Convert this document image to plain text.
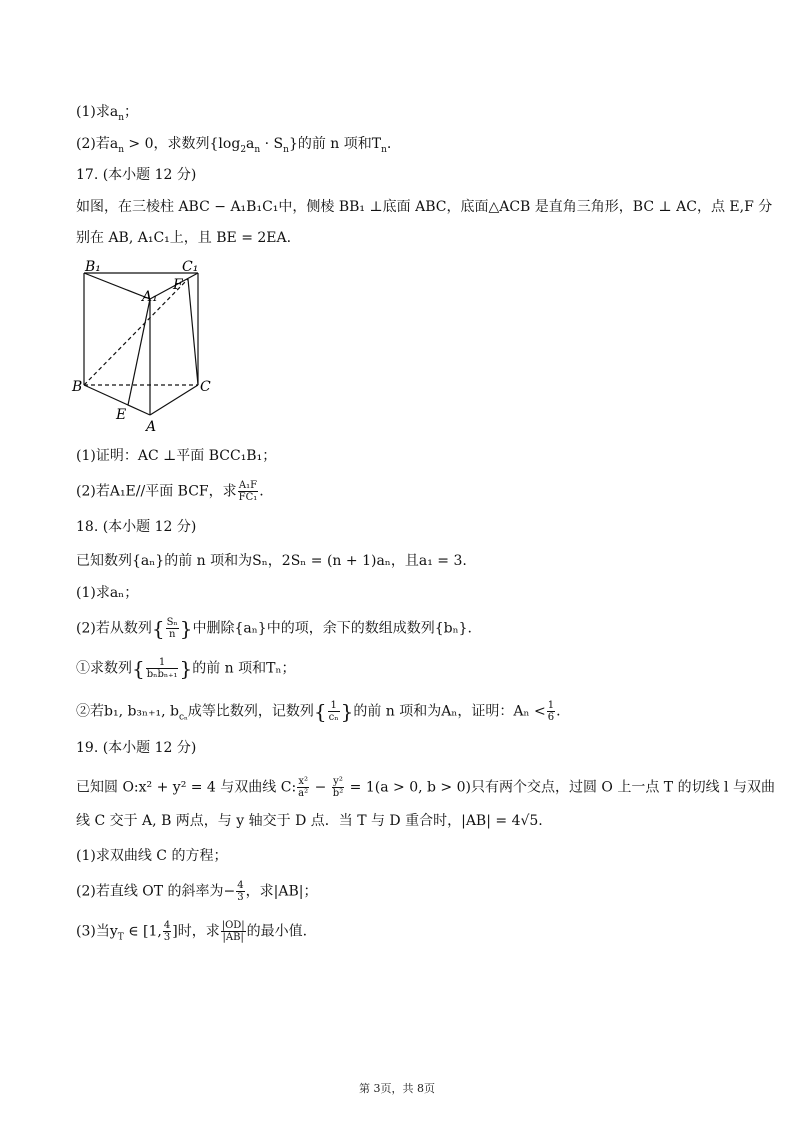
(1)求$a_n$；
(2)若$a_n > 0$，求数列$\{\log_2a_n \cdot S_n\}$的前 n 项和$T_n$.
17. (本小题 12 分)
如图，在三棱柱 ABC − A₁B₁C₁中，侧棱 BB₁ ⊥底面 ABC，底面△ACB 是直角三角形，BC ⊥ AC，点 E,F 分
别在 AB, A₁C₁上，且 BE = 2EA.
B₁	C₁
A₁
F
B	C
E
A
(1)证明：AC ⊥平面 BCC₁B₁；
(2)若A₁E//平面 BCF，求 $\frac{\text{A₁F}}{\text{FC₁}}$ .
18. (本小题 12 分)
已知数列{aₙ}的前 n 项和为Sₙ，2Sₙ = (n + 1)aₙ，且a₁ = 3.
(1)求aₙ；
(2)若从数列{ $\frac{\text{Sₙ}}{n}$ }中删除{aₙ}中的项，余下的数组成数列{bₙ}.
①求数列{ $\frac{1}{\text{bₙbₙ₊₁}}$ }的前 n 项和Tₙ；
②若b₁, b₃ₙ₊₁, $b_{c_n}$成等比数列，记数列{ $\frac{1}{\text{cₙ}}$ }的前 n 项和为Aₙ，证明：$A_n < \frac{1}{6}$ .
19. (本小题 12 分)
已知圆 O:x² + y² = 4 与双曲线 C: $\frac{\text{x²}}{\text{a²}} - \frac{\text{y²}}{\text{b²}} = 1(a > 0$, b > 0)只有两个交点，过圆 O 上一点 T 的切线 l 与双曲
线 C 交于 A, B 两点，与 y 轴交于 D 点．当 T 与 D 重合时，|AB| = 4√5.
(1)求双曲线 C 的方程；
(2)若直线 OT 的斜率为− $\frac{4}{3}$ ，求|AB|；
(3)当$y_T$ ∈ [1, $\frac{4}{3}$ ]时，求 $\frac{|OD|}{|AB|}$ 的最小值.
第 3页，共 8页
